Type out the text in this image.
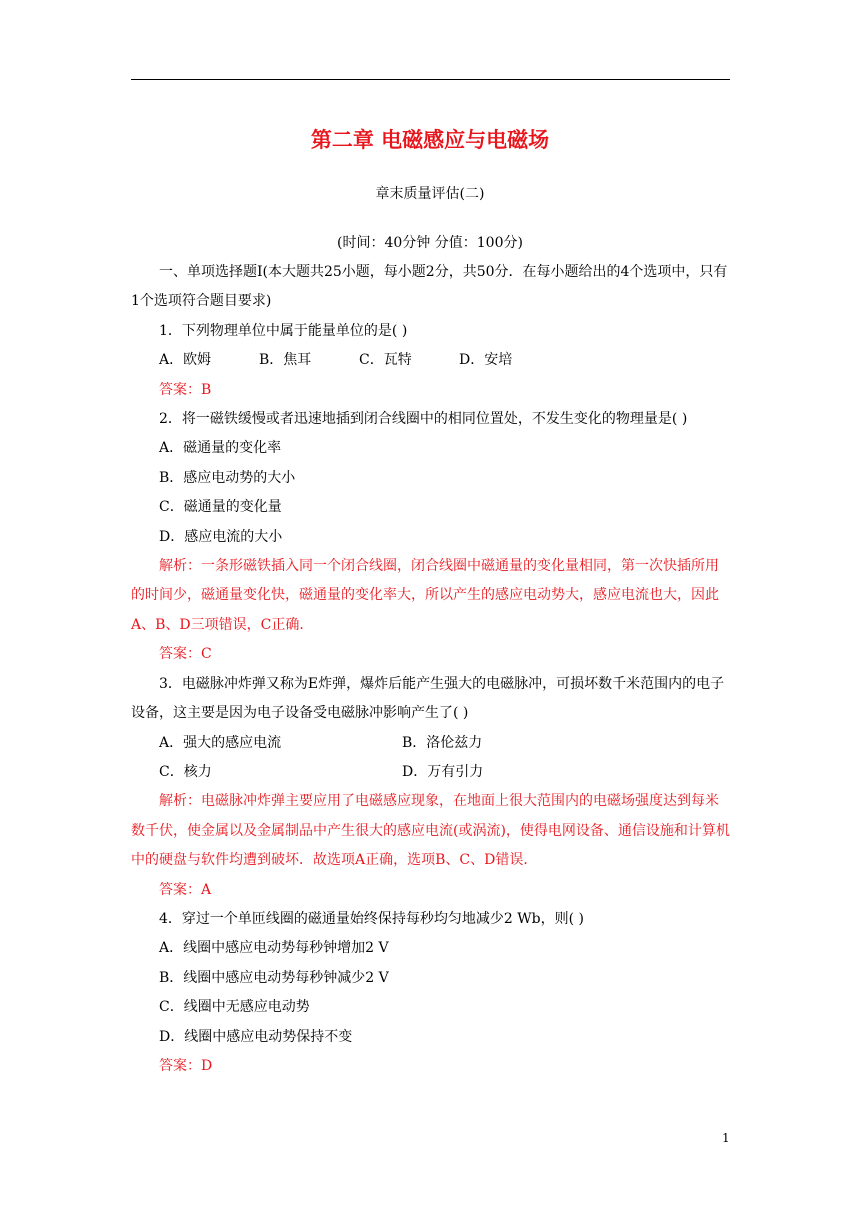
第二章 电磁感应与电磁场
章末质量评估(二)
(时间：40分钟 分值：100分)

一、单项选择题Ⅰ(本大题共25小题，每小题2分，共50分．在每小题给出的4个选项中，只有1个选项符合题目要求)

1．下列物理单位中属于能量单位的是( )

A．欧姆	B．焦耳	C．瓦特	D．安培

答案：B

2．将一磁铁缓慢或者迅速地插到闭合线圈中的相同位置处，不发生变化的物理量是( )

A．磁通量的变化率

B．感应电动势的大小

C．磁通量的变化量

D．感应电流的大小

解析：一条形磁铁插入同一个闭合线圈，闭合线圈中磁通量的变化量相同，第一次快插所用的时间少，磁通量变化快，磁通量的变化率大，所以产生的感应电动势大，感应电流也大，因此A、B、D三项错误，C正确．

答案：C

3．电磁脉冲炸弹又称为E炸弹，爆炸后能产生强大的电磁脉冲，可损坏数千米范围内的电子设备，这主要是因为电子设备受电磁脉冲影响产生了( )

A．强大的感应电流	B．洛伦兹力
C．核力	D．万有引力

解析：电磁脉冲炸弹主要应用了电磁感应现象，在地面上很大范围内的电磁场强度达到每米数千伏，使金属以及金属制品中产生很大的感应电流(或涡流)，使得电网设备、通信设施和计算机中的硬盘与软件均遭到破坏．故选项A正确，选项B、C、D错误．

答案：A

4．穿过一个单匝线圈的磁通量始终保持每秒均匀地减少2 Wb，则( )

A．线圈中感应电动势每秒钟增加2 V

B．线圈中感应电动势每秒钟减少2 V

C．线圈中无感应电动势

D．线圈中感应电动势保持不变

答案：D

1
